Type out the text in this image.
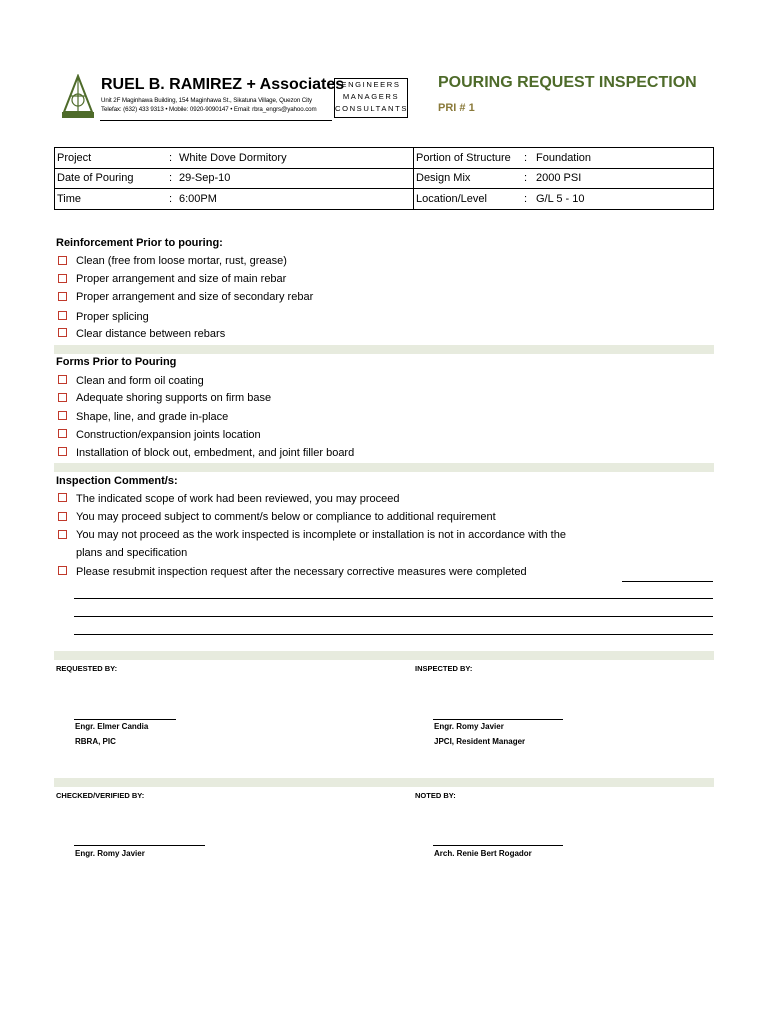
RUEL B. RAMIREZ + Associates
Unit 2F Maginhawa Building, 154 Maginhawa St., Sikatuna Village, Quezon City
Telefax: (632) 433 9313 • Mobile: 0920-9090147 • Email: rbra_engrs@yahoo.com
ENGINEERS
MANAGERS
CONSULTANTS
POURING REQUEST INSPECTION
PRI # 1
Project	: White Dove Dormitory	Portion of Structure	: Foundation
Date of Pouring	: 29-Sep-10	Design Mix	: 2000 PSI
Time	: 6:00PM	Location/Level	: G/L 5 - 10
Reinforcement Prior to pouring:
Clean (free from loose mortar, rust, grease)
Proper arrangement and size of main rebar
Proper arrangement and size of secondary rebar
Proper splicing
Clear distance between rebars
Forms Prior to Pouring
Clean and form oil coating
Adequate shoring supports on firm base
Shape, line, and grade in-place
Construction/expansion joints location
Installation of block out, embedment, and joint filler board
Inspection Comment/s:
The indicated scope of work had been reviewed, you may proceed
You may proceed subject to comment/s below or compliance to additional requirement
You may not proceed as the work inspected is incomplete or installation is not in accordance with the
plans and specification
Please resubmit inspection request after the necessary corrective measures were completed
REQUESTED BY:	INSPECTED BY:
Engr. Elmer Candia
RBRA, PIC
Engr. Romy Javier
JPCI, Resident Manager
CHECKED/VERIFIED BY:	NOTED BY:
Engr. Romy Javier	Arch. Renie Bert Rogador
